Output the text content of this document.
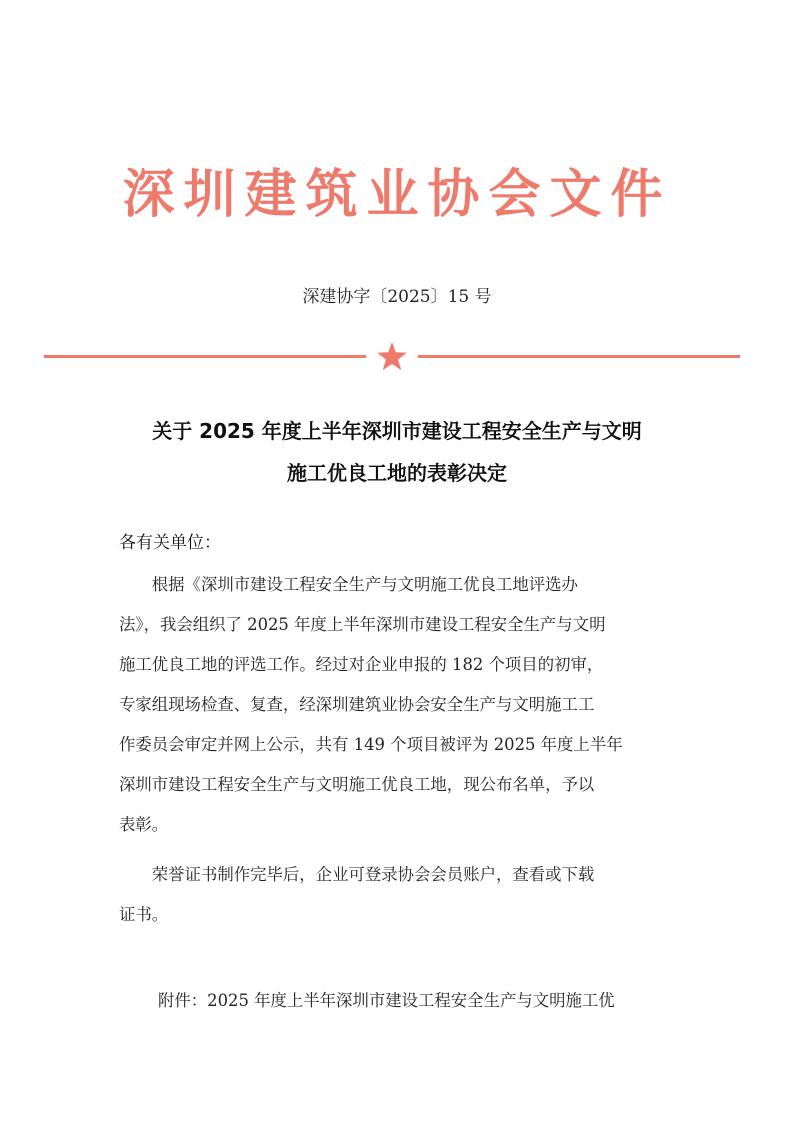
深圳建筑业协会文件
深建协字〔2025〕15 号
关于 2025 年度上半年深圳市建设工程安全生产与文明
施工优良工地的表彰决定
各有关单位：
　　根据《深圳市建设工程安全生产与文明施工优良工地评选办
法》，我会组织了 2025 年度上半年深圳市建设工程安全生产与文明
施工优良工地的评选工作。经过对企业申报的 182 个项目的初审，
专家组现场检查、复查，经深圳建筑业协会安全生产与文明施工工
作委员会审定并网上公示，共有 149 个项目被评为 2025 年度上半年
深圳市建设工程安全生产与文明施工优良工地，现公布名单，予以
表彰。
　　荣誉证书制作完毕后，企业可登录协会会员账户，查看或下载
证书。
附件：2025 年度上半年深圳市建设工程安全生产与文明施工优
